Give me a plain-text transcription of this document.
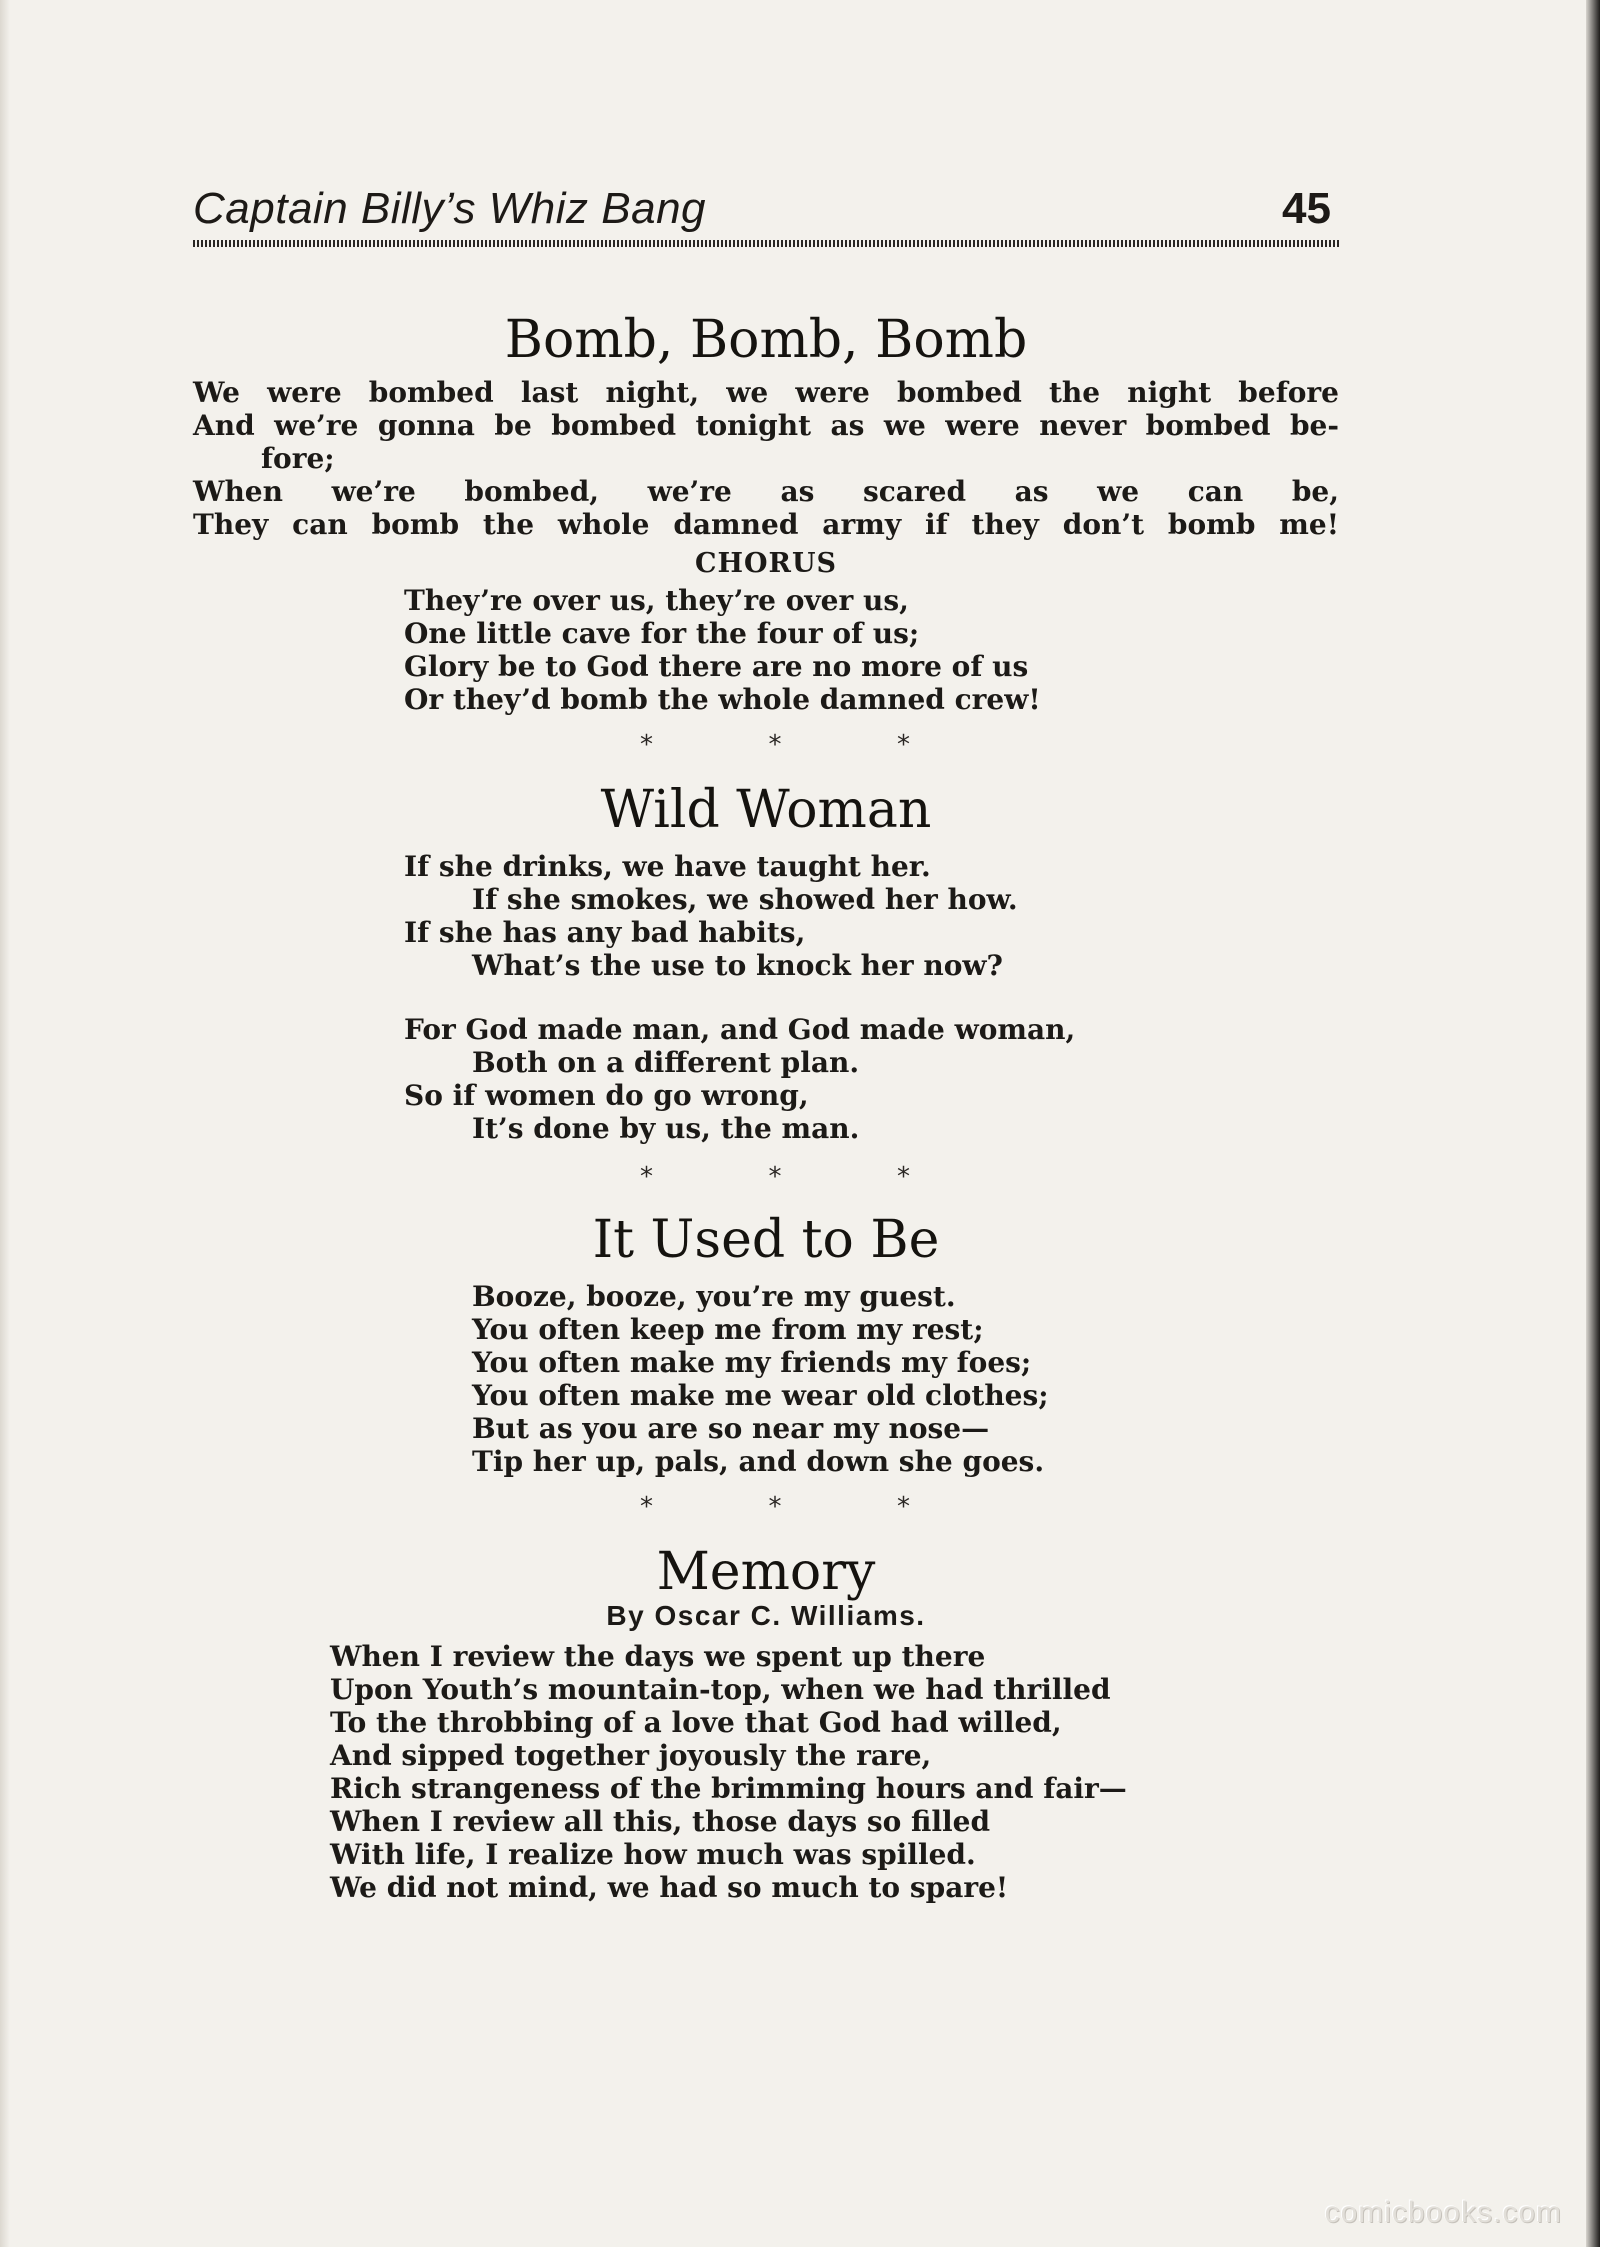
Captain Billy’s Whiz Bang	45
Bomb, Bomb, Bomb
We were bombed last night, we were bombed the night before
And we’re gonna be bombed tonight as we were never bombed be-
fore;
When we’re bombed, we’re as scared as we can be,
They can bomb the whole damned army if they don’t bomb me!
CHORUS
They’re over us, they’re over us,
One little cave for the four of us;
Glory be to God there are no more of us
Or they’d bomb the whole damned crew!
*	*	*
Wild Woman
If she drinks, we have taught her.
If she smokes, we showed her how.
If she has any bad habits,
What’s the use to knock her now?
For God made man, and God made woman,
Both on a different plan.
So if women do go wrong,
It’s done by us, the man.
*	*	*
It Used to Be
Booze, booze, you’re my guest.
You often keep me from my rest;
You often make my friends my foes;
You often make me wear old clothes;
But as you are so near my nose—
Tip her up, pals, and down she goes.
*	*	*
Memory
By Oscar C. Williams.
When I review the days we spent up there
Upon Youth’s mountain-top, when we had thrilled
To the throbbing of a love that God had willed,
And sipped together joyously the rare,
Rich strangeness of the brimming hours and fair—
When I review all this, those days so filled
With life, I realize how much was spilled.
We did not mind, we had so much to spare!
comicbooks.com
